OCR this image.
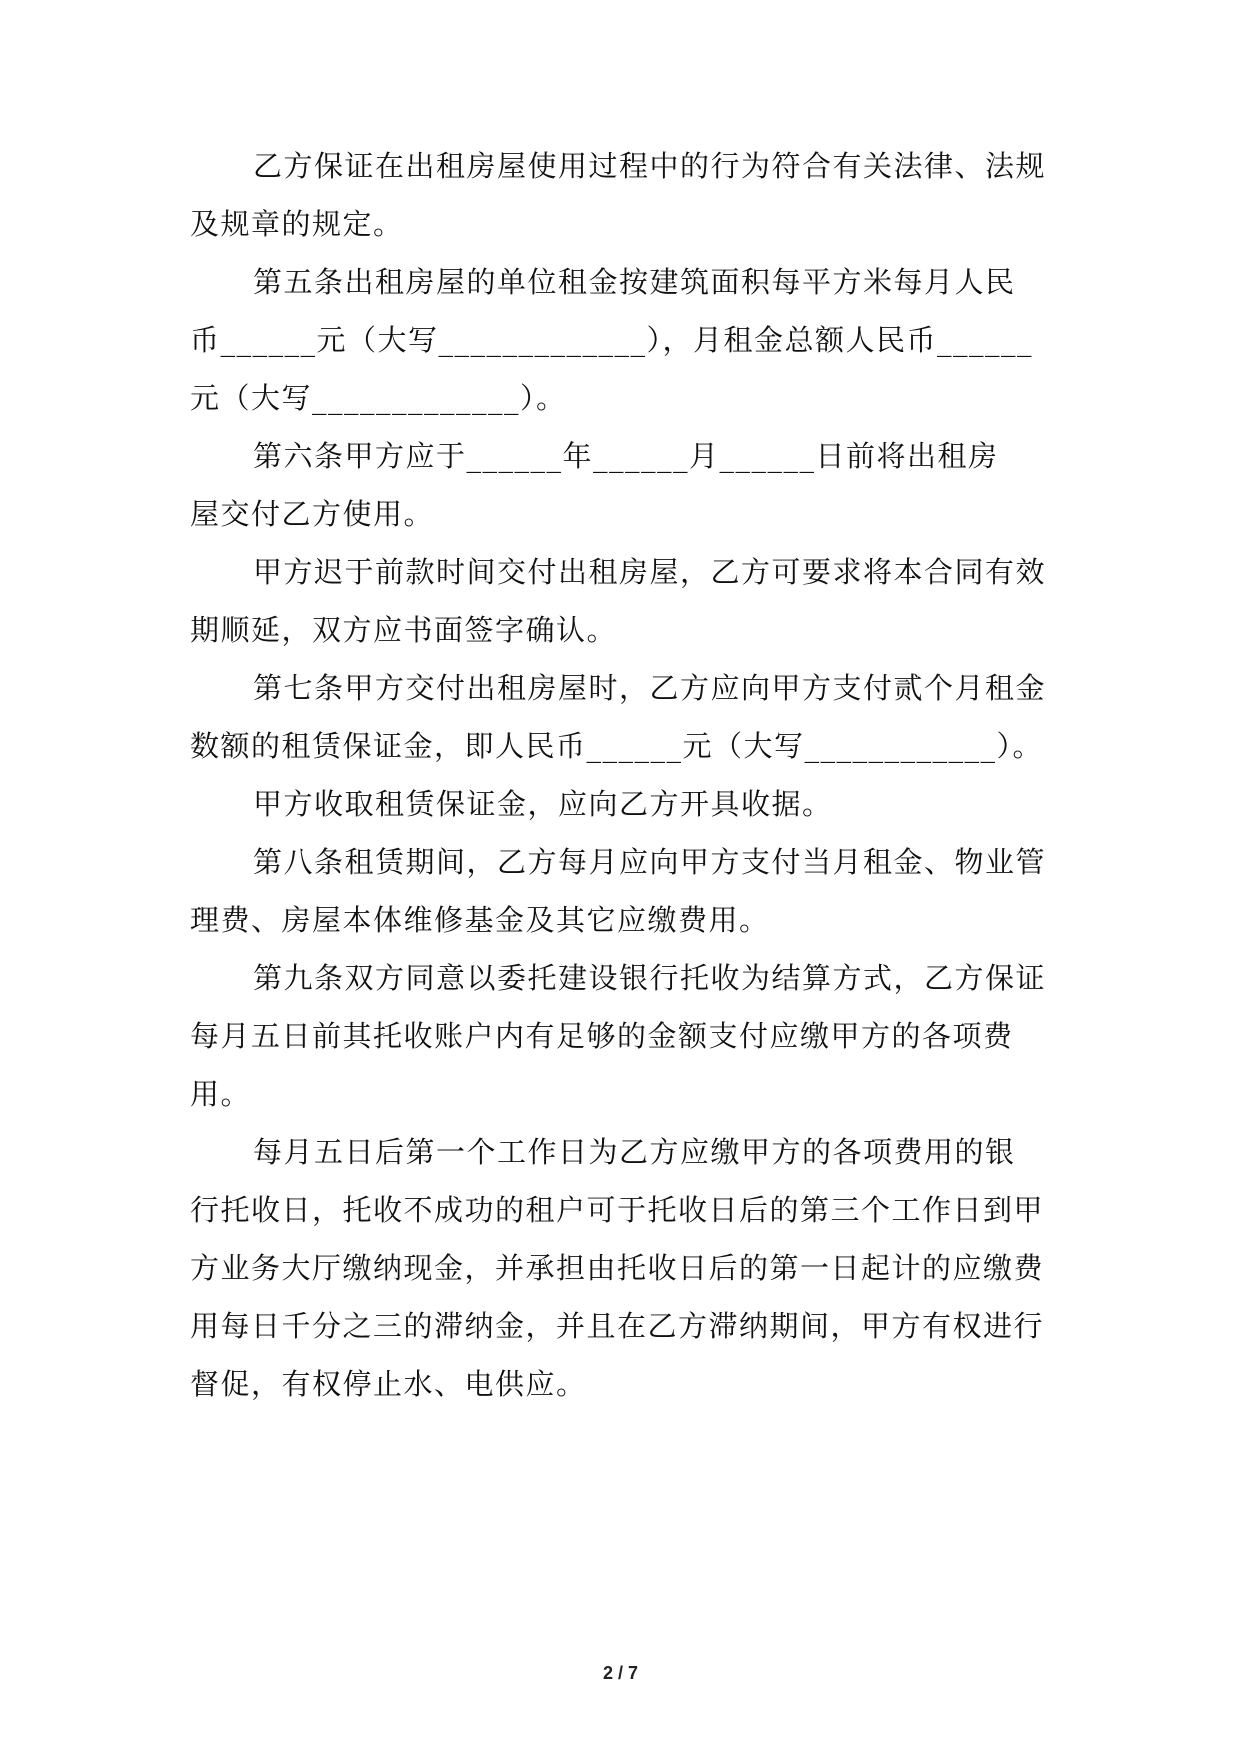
乙方保证在出租房屋使用过程中的行为符合有关法律、法规
及规章的规定。
第五条出租房屋的单位租金按建筑面积每平方米每月人民
币______元（大写_____________），月租金总额人民币______
元（大写_____________）。
第六条甲方应于______年______月______日前将出租房
屋交付乙方使用。
甲方迟于前款时间交付出租房屋，乙方可要求将本合同有效
期顺延，双方应书面签字确认。
第七条甲方交付出租房屋时，乙方应向甲方支付贰个月租金
数额的租赁保证金，即人民币______元（大写____________）。
甲方收取租赁保证金，应向乙方开具收据。
第八条租赁期间，乙方每月应向甲方支付当月租金、物业管
理费、房屋本体维修基金及其它应缴费用。
第九条双方同意以委托建设银行托收为结算方式，乙方保证
每月五日前其托收账户内有足够的金额支付应缴甲方的各项费
用。
每月五日后第一个工作日为乙方应缴甲方的各项费用的银
行托收日，托收不成功的租户可于托收日后的第三个工作日到甲
方业务大厅缴纳现金，并承担由托收日后的第一日起计的应缴费
用每日千分之三的滞纳金，并且在乙方滞纳期间，甲方有权进行
督促，有权停止水、电供应。
2 / 7
